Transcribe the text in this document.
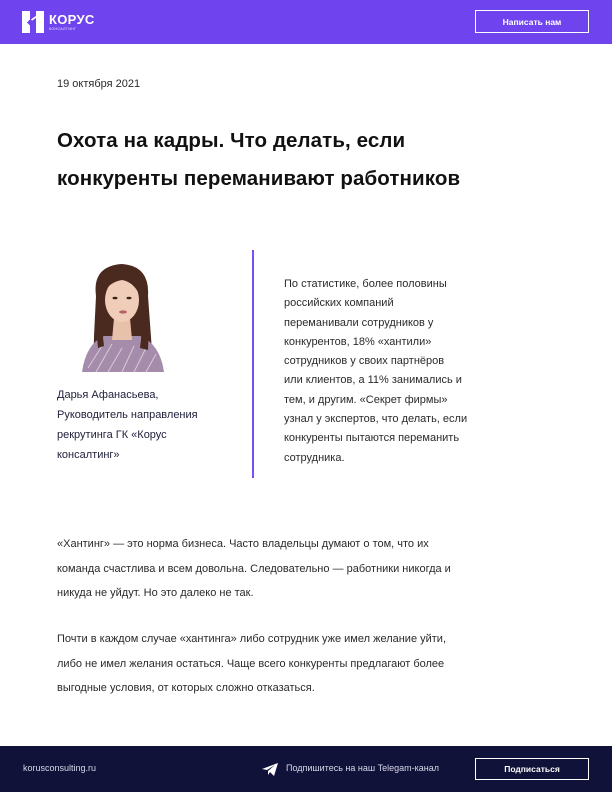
КОРУС
КОНСАЛТИНГ
Написать нам
19 октября 2021
Охота на кадры. Что делать, если
конкуренты переманивают работников
Дарья Афанасьева,
Руководитель направления
рекрутинга ГК «Корус
консалтинг»
По статистике, более половины
российских компаний
переманивали сотрудников у
конкурентов, 18% «хантили»
сотрудников у своих партнёров
или клиентов, а 11% занимались и
тем, и другим. «Секрет фирмы»
узнал у экспертов, что делать, если
конкуренты пытаются переманить
сотрудника.
«Хантинг» — это норма бизнеса. Часто владельцы думают о том, что их
команда счастлива и всем довольна. Следовательно — работники никогда и
никуда не уйдут. Но это далеко не так.
Почти в каждом случае «хантинга» либо сотрудник уже имел желание уйти,
либо не имел желания остаться. Чаще всего конкуренты предлагают более
выгодные условия, от которых сложно отказаться.
korusconsulting.ru	Подпишитесь на наш Telegam-канал	Подписаться
